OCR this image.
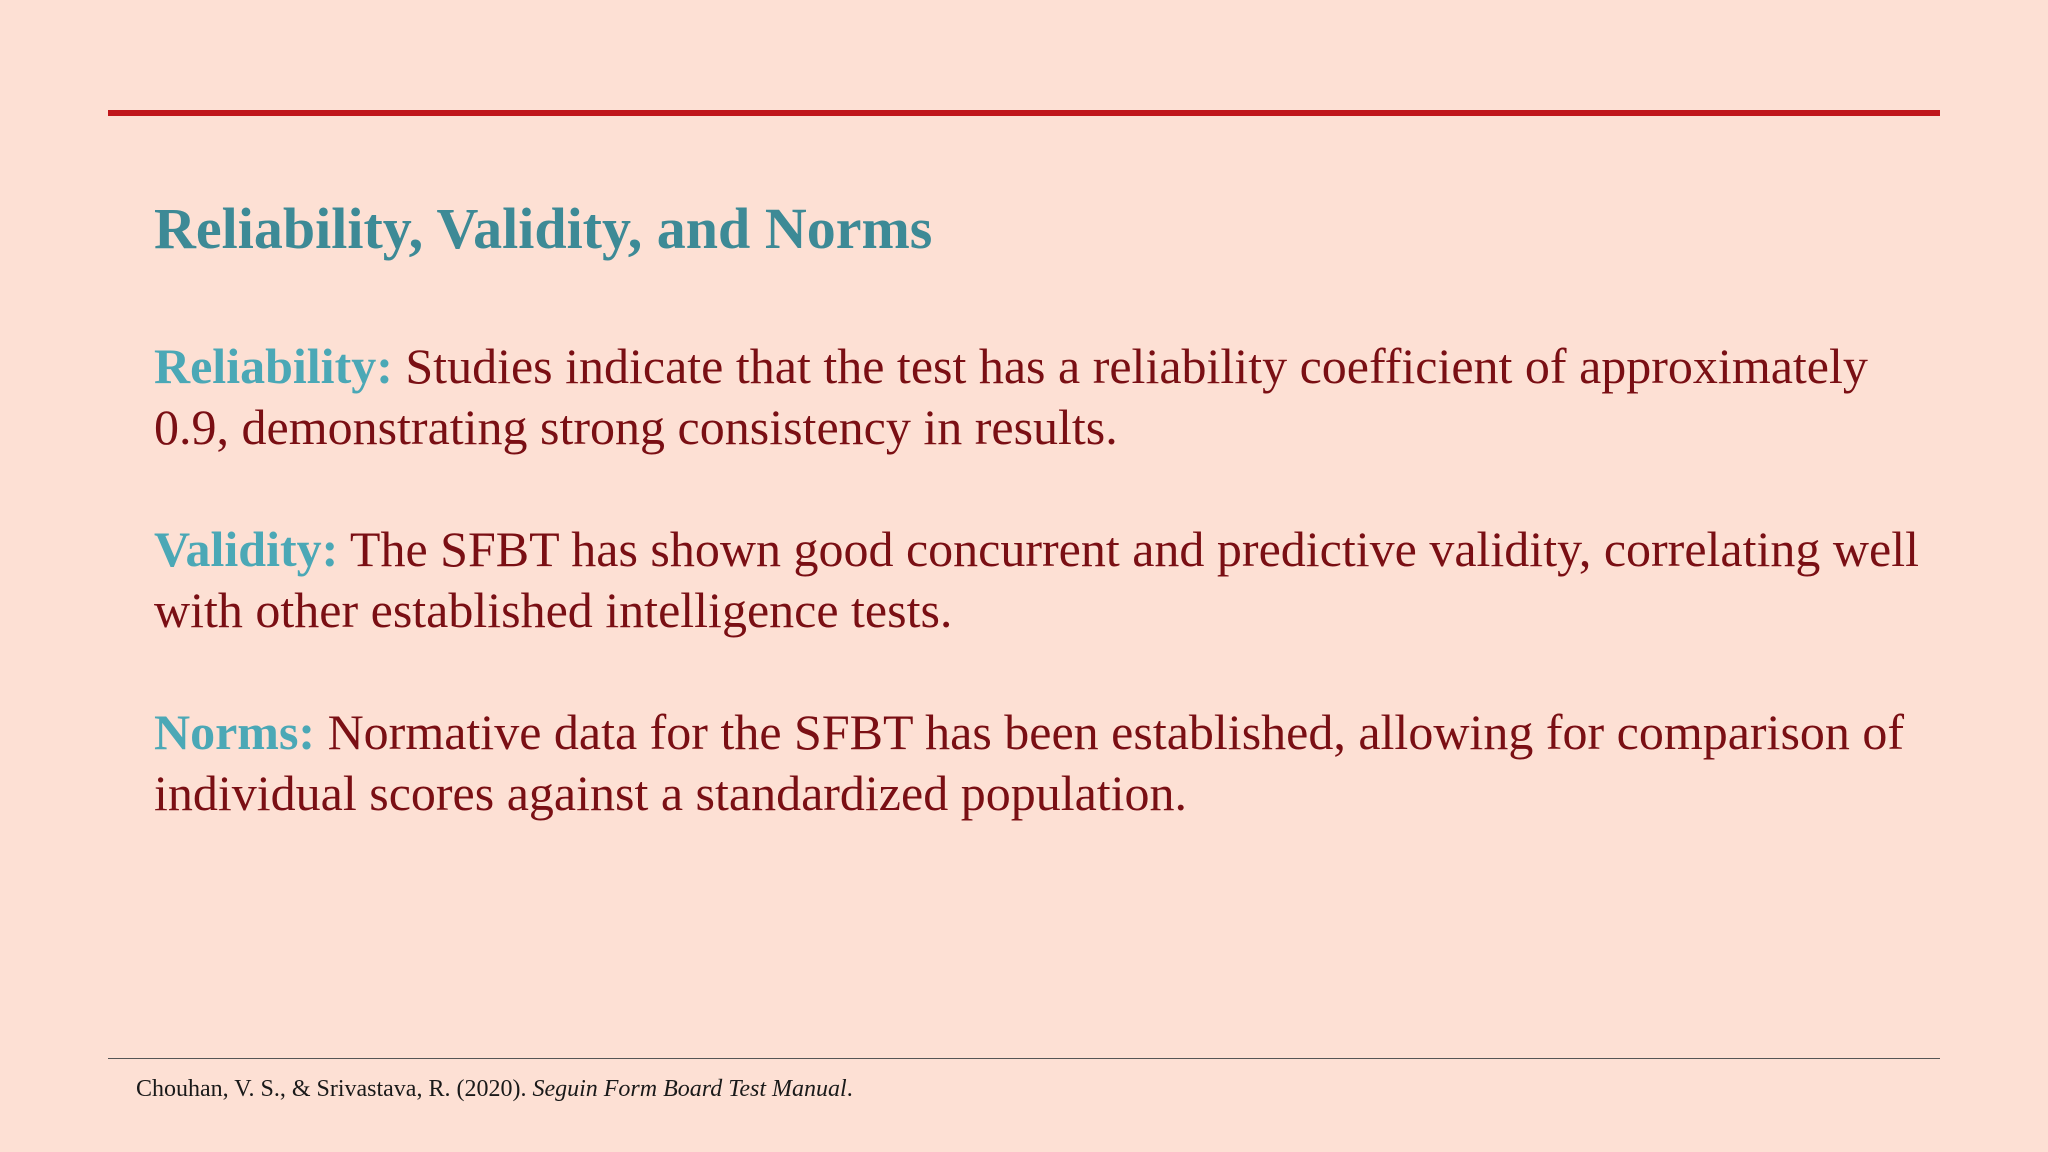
Reliability, Validity, and Norms

Reliability: Studies indicate that the test has a reliability coefficient of approximately 0.9, demonstrating strong consistency in results.

Validity: The SFBT has shown good concurrent and predictive validity, correlating well with other established intelligence tests.

Norms: Normative data for the SFBT has been established, allowing for comparison of individual scores against a standardized population.

Chouhan, V. S., & Srivastava, R. (2020). Seguin Form Board Test Manual.
